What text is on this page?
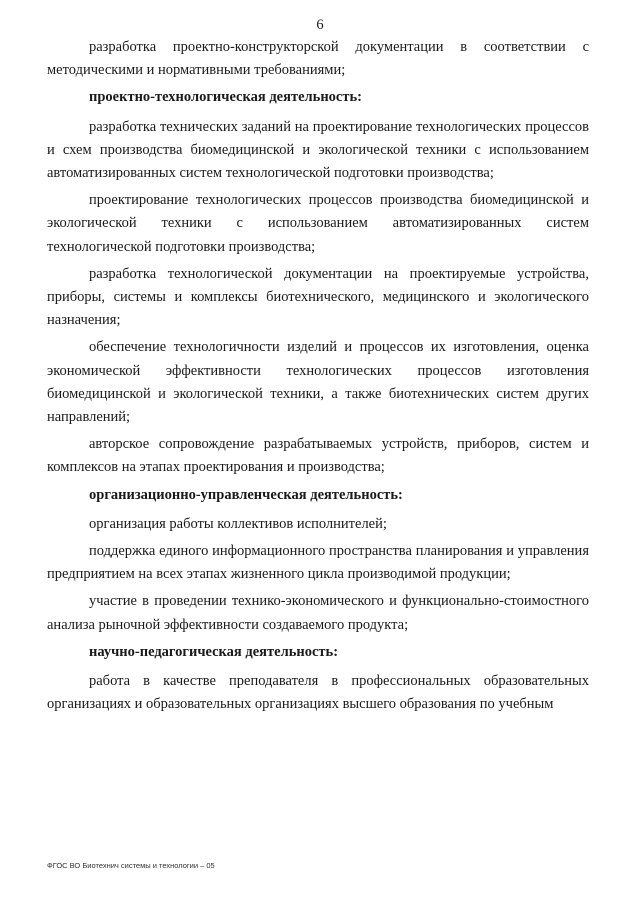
6

разработка проектно-конструкторской документации в соответствии с методическими и нормативными требованиями;

проектно-технологическая деятельность:

разработка технических заданий на проектирование технологических процессов и схем производства биомедицинской и экологической техники с использованием автоматизированных систем технологической подготовки производства;

проектирование технологических процессов производства биомедицинской и экологической техники с использованием автоматизированных систем технологической подготовки производства;

разработка технологической документации на проектируемые устройства, приборы, системы и комплексы биотехнического, медицинского и экологического назначения;

обеспечение технологичности изделий и процессов их изготовления, оценка экономической эффективности технологических процессов изготовления биомедицинской и экологической техники, а также биотехнических систем других направлений;

авторское сопровождение разрабатываемых устройств, приборов, систем и комплексов на этапах проектирования и производства;

организационно-управленческая деятельность:

организация работы коллективов исполнителей;

поддержка единого информационного пространства планирования и управления предприятием на всех этапах жизненного цикла производимой продукции;

участие в проведении технико-экономического и функционально-стоимостного анализа рыночной эффективности создаваемого продукта;

научно-педагогическая деятельность:

работа в качестве преподавателя в профессиональных образовательных организациях и образовательных организациях высшего образования по учебным

ФГОС ВО Биотехнич системы и технологии – 05
